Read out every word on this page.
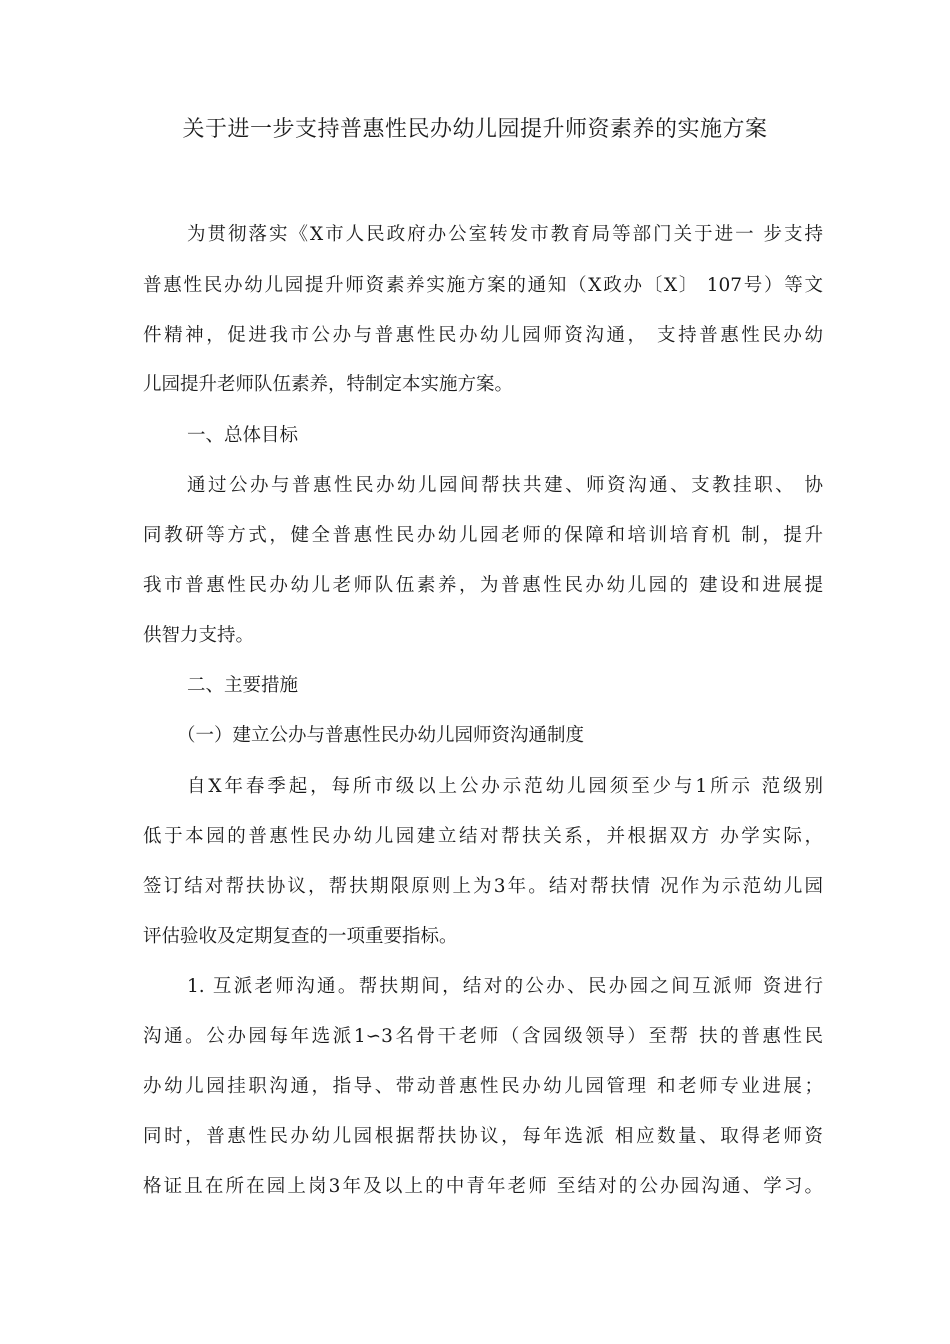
关于进一步支持普惠性民办幼儿园提升师资素养的实施方案

为贯彻落实《X市人民政府办公室转发市教育局等部门关于进一 步支持

普惠性民办幼儿园提升师资素养实施方案的通知（X政办〔X〕 107号）等文

件精神，促进我市公办与普惠性民办幼儿园师资沟通， 支持普惠性民办幼

儿园提升老师队伍素养，特制定本实施方案。

一、总体目标

通过公办与普惠性民办幼儿园间帮扶共建、师资沟通、支教挂职、 协

同教研等方式，健全普惠性民办幼儿园老师的保障和培训培育机 制，提升

我市普惠性民办幼儿老师队伍素养，为普惠性民办幼儿园的 建设和进展提

供智力支持。

二、主要措施

（一）建立公办与普惠性民办幼儿园师资沟通制度

自X年春季起，每所市级以上公办示范幼儿园须至少与1所示 范级别

低于本园的普惠性民办幼儿园建立结对帮扶关系，并根据双方 办学实际，

签订结对帮扶协议，帮扶期限原则上为3年。结对帮扶情 况作为示范幼儿园

评估验收及定期复查的一项重要指标。

1. 互派老师沟通。帮扶期间，结对的公办、民办园之间互派师 资进行

沟通。公办园每年选派1∽3名骨干老师（含园级领导）至帮 扶的普惠性民

办幼儿园挂职沟通，指导、带动普惠性民办幼儿园管理 和老师专业进展；

同时，普惠性民办幼儿园根据帮扶协议，每年选派 相应数量、取得老师资

格证且在所在园上岗3年及以上的中青年老师 至结对的公办园沟通、学习。
